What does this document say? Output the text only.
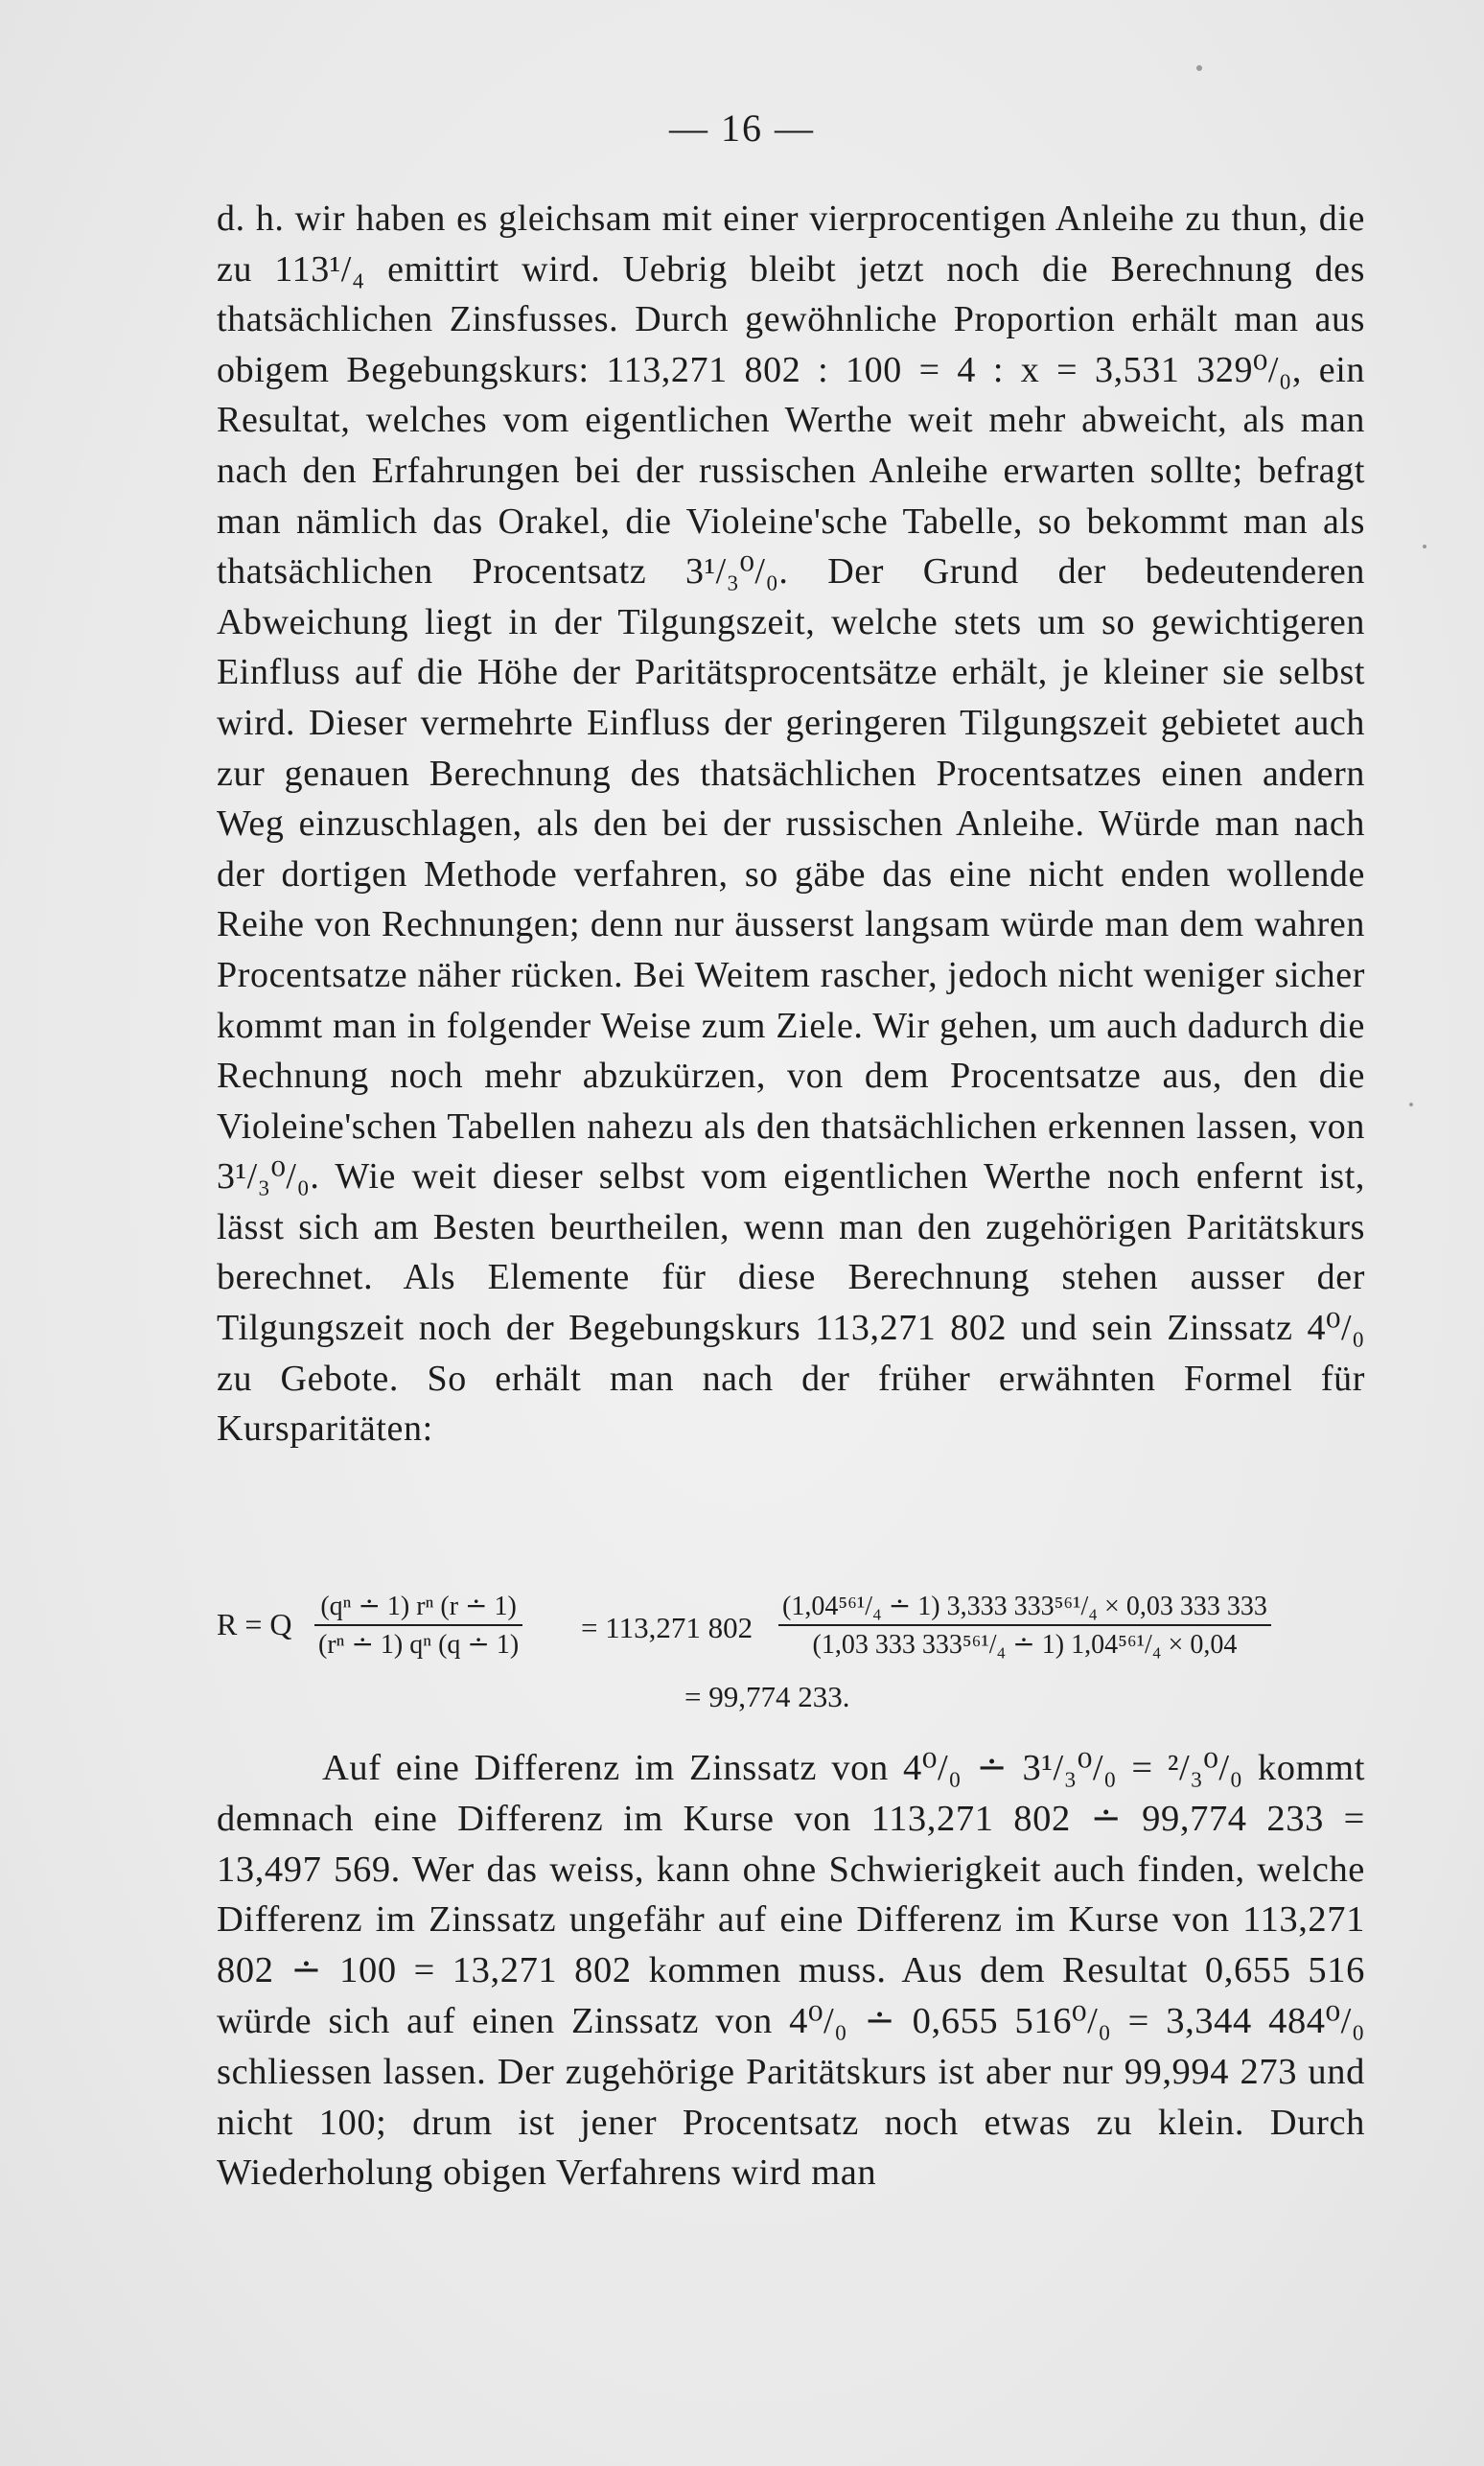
— 16 —

d. h. wir haben es gleichsam mit einer vierprocentigen Anleihe zu thun, die zu 113¹/₄ emittirt wird. Uebrig bleibt jetzt noch die Berechnung des thatsächlichen Zinsfusses. Durch gewöhnliche Proportion erhält man aus obigem Begebungskurs: 113,271 802 : 100 = 4 : x = 3,531 329⁰/₀, ein Resultat, welches vom eigentlichen Werthe weit mehr abweicht, als man nach den Erfahrungen bei der russischen Anleihe erwarten sollte; befragt man nämlich das Orakel, die Violeine'sche Tabelle, so bekommt man als thatsächlichen Procentsatz 3¹/₃⁰/₀. Der Grund der bedeutenderen Abweichung liegt in der Tilgungszeit, welche stets um so gewichtigeren Einfluss auf die Höhe der Paritätsprocentsätze erhält, je kleiner sie selbst wird. Dieser vermehrte Einfluss der geringeren Tilgungszeit gebietet auch zur genauen Berechnung des thatsächlichen Procentsatzes einen andern Weg einzuschlagen, als den bei der russischen Anleihe. Würde man nach der dortigen Methode verfahren, so gäbe das eine nicht enden wollende Reihe von Rechnungen; denn nur äusserst langsam würde man dem wahren Procentsatze näher rücken. Bei Weitem rascher, jedoch nicht weniger sicher kommt man in folgender Weise zum Ziele. Wir gehen, um auch dadurch die Rechnung noch mehr abzukürzen, von dem Procentsatze aus, den die Violeine'schen Tabellen nahezu als den thatsächlichen erkennen lassen, von 3¹/₃⁰/₀. Wie weit dieser selbst vom eigentlichen Werthe noch enfernt ist, lässt sich am Besten beurtheilen, wenn man den zugehörigen Paritätskurs berechnet. Als Elemente für diese Berechnung stehen ausser der Tilgungszeit noch der Begebungskurs 113,271 802 und sein Zinssatz 4⁰/₀ zu Gebote. So erhält man nach der früher erwähnten Formel für Kursparitäten:

R = Q $\frac{\text{(qⁿ ∸ 1) rⁿ (r ∸ 1)}}{\text{(rⁿ ∸ 1) qⁿ (q ∸ 1)}} = 113,271$ $802 \frac{\text{(1,04⁵⁶¹/₄ ∸ 1) 3,333 333⁵⁶¹/₄ × 0,03 333 333}}{\text{(1,03 333 333⁵⁶¹/₄ ∸ 1) 1,04⁵⁶¹/₄ × 0,04}}$
= 99,774 233.

Auf eine Differenz im Zinssatz von 4⁰/₀ ∸ 3¹/₃⁰/₀ = ²/₃⁰/₀ kommt demnach eine Differenz im Kurse von 113,271 802 ∸ 99,774 233 = 13,497 569. Wer das weiss, kann ohne Schwierigkeit auch finden, welche Differenz im Zinssatz ungefähr auf eine Differenz im Kurse von 113,271 802 ∸ 100 = 13,271 802 kommen muss. Aus dem Resultat 0,655 516 würde sich auf einen Zinssatz von 4⁰/₀ ∸ 0,655 516⁰/₀ = 3,344 484⁰/₀ schliessen lassen. Der zugehörige Paritätskurs ist aber nur 99,994 273 und nicht 100; drum ist jener Procentsatz noch etwas zu klein. Durch Wiederholung obigen Verfahrens wird man
